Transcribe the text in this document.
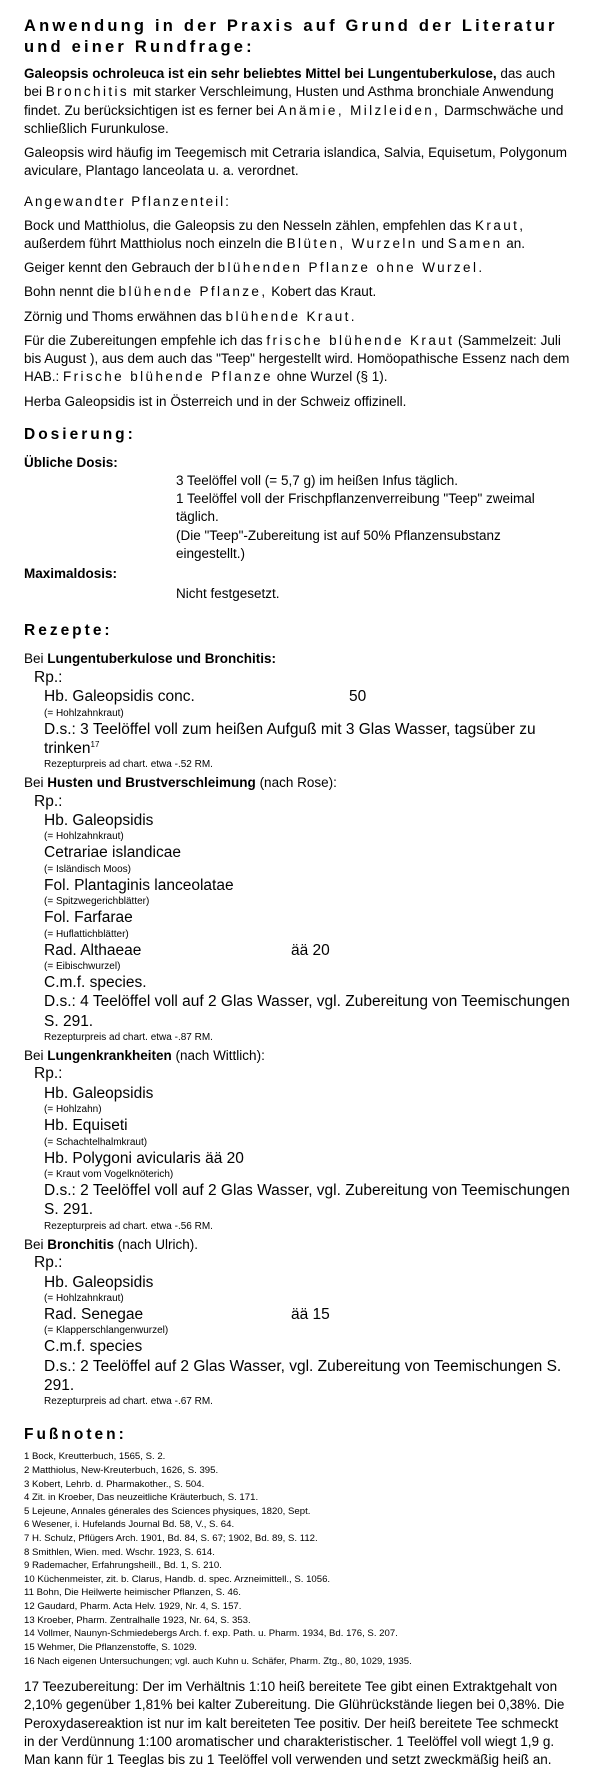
Anwendung in der Praxis auf Grund der Literatur und einer Rundfrage:

Galeopsis ochroleuca ist ein sehr beliebtes Mittel bei Lungentuberkulose, das auch bei Bronchitis mit starker Verschleimung, Husten und Asthma bronchiale Anwendung findet. Zu berücksichtigen ist es ferner bei Anämie, Milzleiden, Darmschwäche und schließlich Furunkulose.

Galeopsis wird häufig im Teegemisch mit Cetraria islandica, Salvia, Equisetum, Polygonum aviculare, Plantago lanceolata u. a. verordnet.

Angewandter Pflanzenteil:

Bock und Matthiolus, die Galeopsis zu den Nesseln zählen, empfehlen das Kraut, außerdem führt Matthiolus noch einzeln die Blüten, Wurzeln und Samen an.

Geiger kennt den Gebrauch der blühenden Pflanze ohne Wurzel.

Bohn nennt die blühende Pflanze, Kobert das Kraut.

Zörnig und Thoms erwähnen das blühende Kraut.

Für die Zubereitungen empfehle ich das frische blühende Kraut (Sammelzeit: Juli bis August ), aus dem auch das "Teep" hergestellt wird. Homöopathische Essenz nach dem HAB.: Frische blühende Pflanze ohne Wurzel (§ 1).

Herba Galeopsidis ist in Österreich und in der Schweiz offizinell.

Dosierung:
Übliche Dosis:
3 Teelöffel voll (= 5,7 g) im heißen Infus täglich.
1 Teelöffel voll der Frischpflanzenverreibung "Teep" zweimal täglich.
(Die "Teep"-Zubereitung ist auf 50% Pflanzensubstanz eingestellt.)
Maximaldosis:
Nicht festgesetzt.
Rezepte:
Bei Lungentuberkulose und Bronchitis:
Rp.:
Hb. Galeopsidis conc.	50
(= Hohlzahnkraut)
D.s.: 3 Teelöffel voll zum heißen Aufguß mit 3 Glas Wasser, tagsüber zu trinken$^{17}$
Rezepturpreis ad chart. etwa -.52 RM.
Bei Husten und Brustverschleimung (nach Rose):
Rp.:
Hb. Galeopsidis
(= Hohlzahnkraut)
Cetrariae islandicae
(= Isländisch Moos)
Fol. Plantaginis lanceolatae
(= Spitzwegerichblätter)
Fol. Farfarae
(= Huflattichblätter)
Rad. Althaeae	ää 20
(= Eibischwurzel)
C.m.f. species.
D.s.: 4 Teelöffel voll auf 2 Glas Wasser, vgl. Zubereitung von Teemischungen S. 291.
Rezepturpreis ad chart. etwa -.87 RM.
Bei Lungenkrankheiten (nach Wittlich):
Rp.:
Hb. Galeopsidis
(= Hohlzahn)
Hb. Equiseti
(= Schachtelhalmkraut)
Hb. Polygoni avicularis ää 20
(= Kraut vom Vogelknöterich)
D.s.: 2 Teelöffel voll auf 2 Glas Wasser, vgl. Zubereitung von Teemischungen S. 291.
Rezepturpreis ad chart. etwa -.56 RM.
Bei Bronchitis (nach Ulrich).
Rp.:
Hb. Galeopsidis
(= Hohlzahnkraut)
Rad. Senegae	ää 15
(= Klapperschlangenwurzel)
C.m.f. species
D.s.: 2 Teelöffel auf 2 Glas Wasser, vgl. Zubereitung von Teemischungen S. 291.
Rezepturpreis ad chart. etwa -.67 RM.
Fußnoten:
1 Bock, Kreutterbuch, 1565, S. 2.
2 Matthiolus, New-Kreuterbuch, 1626, S. 395.
3 Kobert, Lehrb. d. Pharmakother., S. 504.
4 Zit. in Kroeber, Das neuzeitliche Kräuterbuch, S. 171.
5 Lejeune, Annales génerales des Sciences physiques, 1820, Sept.
6 Wesener, i. Hufelands Journal Bd. 58, V., S. 64.
7 H. Schulz, Pflügers Arch. 1901, Bd. 84, S. 67; 1902, Bd. 89, S. 112.
8 Smithlen, Wien. med. Wschr. 1923, S. 614.
9 Rademacher, Erfahrungsheill., Bd. 1, S. 210.
10 Küchenmeister, zit. b. Clarus, Handb. d. spec. Arzneimittell., S. 1056.
11 Bohn, Die Heilwerte heimischer Pflanzen, S. 46.
12 Gaudard, Pharm. Acta Helv. 1929, Nr. 4, S. 157.
13 Kroeber, Pharm. Zentralhalle 1923, Nr. 64, S. 353.
14 Vollmer, Naunyn-Schmiedebergs Arch. f. exp. Path. u. Pharm. 1934, Bd. 176, S. 207.
15 Wehmer, Die Pflanzenstoffe, S. 1029.
16 Nach eigenen Untersuchungen; vgl. auch Kuhn u. Schäfer, Pharm. Ztg., 80, 1029, 1935.
17 Teezubereitung: Der im Verhältnis 1:10 heiß bereitete Tee gibt einen Extraktgehalt von 2,10% gegenüber 1,81% bei kalter Zubereitung. Die Glührückstände liegen bei 0,38%. Die Peroxydasereaktion ist nur im kalt bereiteten Tee positiv. Der heiß bereitete Tee schmeckt in der Verdünnung 1:100 aromatischer und charakteristischer. 1 Teelöffel voll wiegt 1,9 g. Man kann für 1 Teeglas bis zu 1 Teelöffel voll verwenden und setzt zweckmäßig heiß an.
